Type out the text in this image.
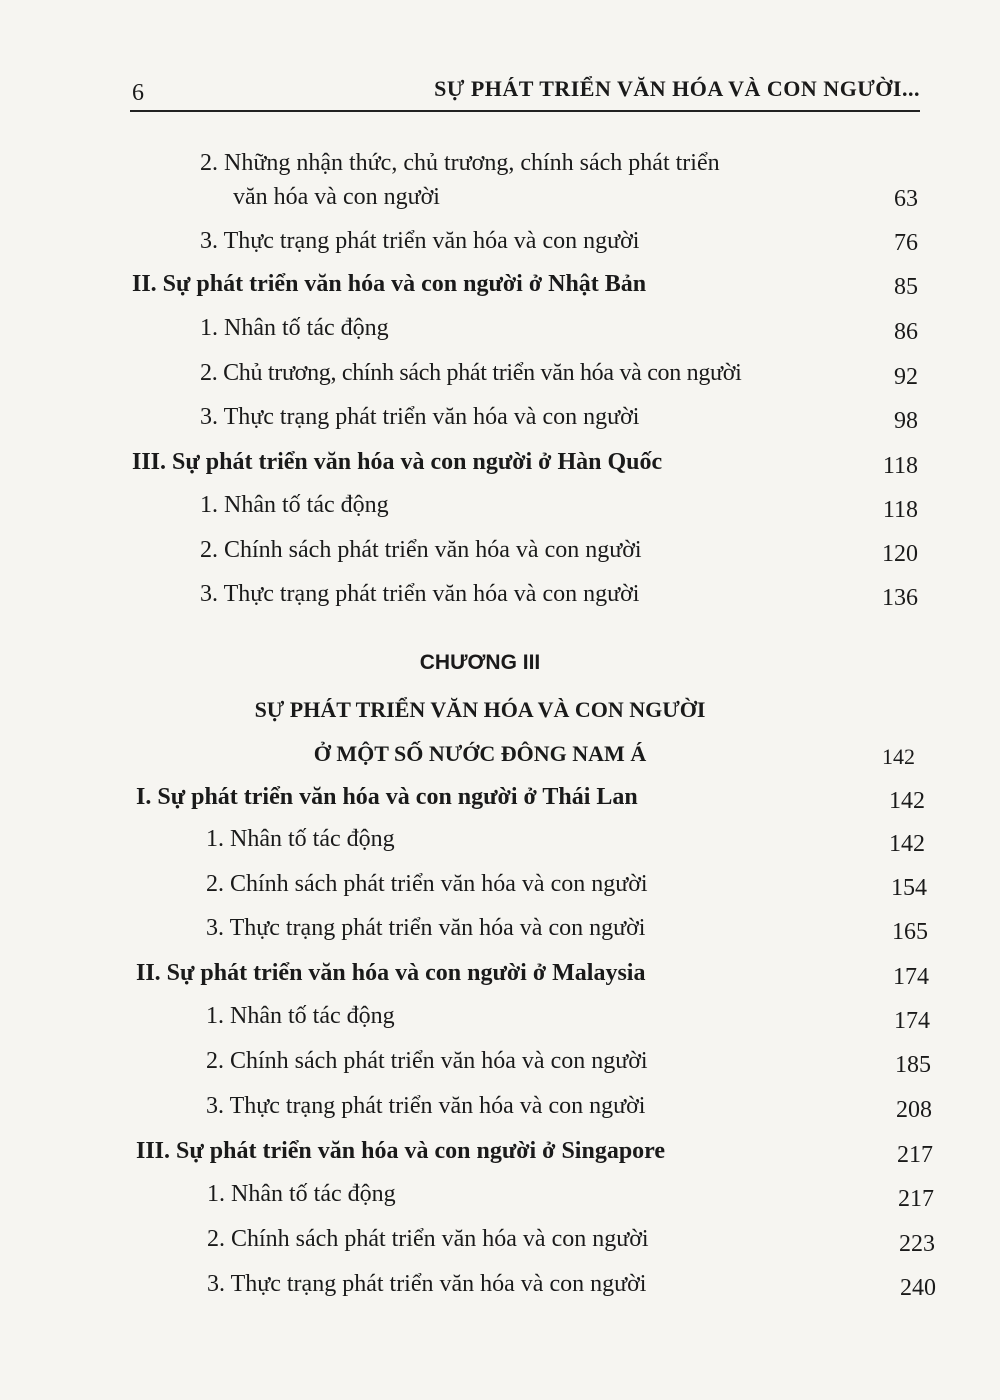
6	SỰ PHÁT TRIỂN VĂN HÓA VÀ CON NGƯỜI...
2. Những nhận thức, chủ trương, chính sách phát triển
văn hóa và con người	63
3. Thực trạng phát triển văn hóa và con người	76
II. Sự phát triển văn hóa và con người ở Nhật Bản	85
1. Nhân tố tác động	86
2. Chủ trương, chính sách phát triển văn hóa và con người	92
3. Thực trạng phát triển văn hóa và con người	98
III. Sự phát triển văn hóa và con người ở Hàn Quốc	118
1. Nhân tố tác động	118
2. Chính sách phát triển văn hóa và con người	120
3. Thực trạng phát triển văn hóa và con người	136
CHƯƠNG III
SỰ PHÁT TRIỂN VĂN HÓA VÀ CON NGƯỜI
Ở MỘT SỐ NƯỚC ĐÔNG NAM Á	142
I. Sự phát triển văn hóa và con người ở Thái Lan	142
1. Nhân tố tác động	142
2. Chính sách phát triển văn hóa và con người	154
3. Thực trạng phát triển văn hóa và con người	165
II. Sự phát triển văn hóa và con người ở Malaysia	174
1. Nhân tố tác động	174
2. Chính sách phát triển văn hóa và con người	185
3. Thực trạng phát triển văn hóa và con người	208
III. Sự phát triển văn hóa và con người ở Singapore	217
1. Nhân tố tác động	217
2. Chính sách phát triển văn hóa và con người	223
3. Thực trạng phát triển văn hóa và con người	240
